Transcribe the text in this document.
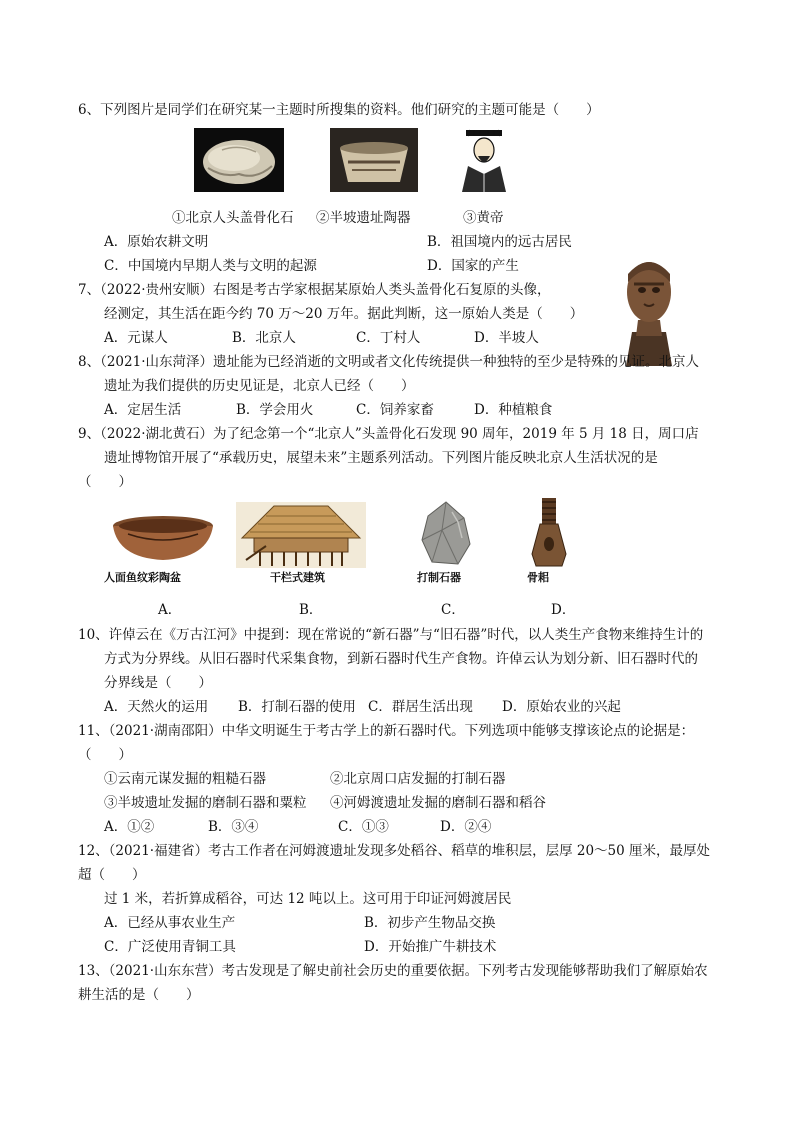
6、下列图片是同学们在研究某一主题时所搜集的资料。他们研究的主题可能是（　　）
①北京人头盖骨化石 ②半坡遗址陶器	③黄帝
A．原始农耕文明	B．祖国境内的远古居民
C．中国境内早期人类与文明的起源	D．国家的产生
7、（2022·贵州安顺）右图是考古学家根据某原始人类头盖骨化石复原的头像，
经测定，其生活在距今约 70 万～20 万年。据此判断，这一原始人类是（　　）
A．元谋人	B．北京人	C．丁村人	D．半坡人
8、（2021·山东菏泽）遗址能为已经消逝的文明或者文化传统提供一种独特的至少是特殊的见证。北京人
遗址为我们提供的历史见证是，北京人已经（　　）
A．定居生活	B．学会用火	C．饲养家畜	D．种植粮食
9、（2022·湖北黄石）为了纪念第一个“北京人”头盖骨化石发现 90 周年，2019 年 5 月 18 日，周口店
遗址博物馆开展了“承载历史，展望未来”主题系列活动。下列图片能反映北京人生活状况的是
（　　）
人面鱼纹彩陶盆	干栏式建筑	打制石器	骨耜
A．	B．	C．	D．
10、许倬云在《万古江河》中提到：现在常说的“新石器”与“旧石器”时代，以人类生产食物来维持生计的
方式为分界线。从旧石器时代采集食物，到新石器时代生产食物。许倬云认为划分新、旧石器时代的
分界线是（　　）
A．天然火的运用 B．打制石器的使用 C．群居生活出现 D．原始农业的兴起
11、（2021·湖南邵阳）中华文明诞生于考古学上的新石器时代。下列选项中能够支撑该论点的论据是：
（　　）
①云南元谋发掘的粗糙石器	②北京周口店发掘的打制石器
③半坡遗址发掘的磨制石器和粟粒 ④河姆渡遗址发掘的磨制石器和稻谷
A．①②	B．③④	C．①③	D．②④
12、（2021·福建省）考古工作者在河姆渡遗址发现多处稻谷、稻草的堆积层，层厚 20～50 厘米，最厚处
超（　　）
过 1 米，若折算成稻谷，可达 12 吨以上。这可用于印证河姆渡居民
A．已经从事农业生产	B．初步产生物品交换
C．广泛使用青铜工具	D．开始推广牛耕技术
13、（2021·山东东营）考古发现是了解史前社会历史的重要依据。下列考古发现能够帮助我们了解原始农
耕生活的是（　　）
